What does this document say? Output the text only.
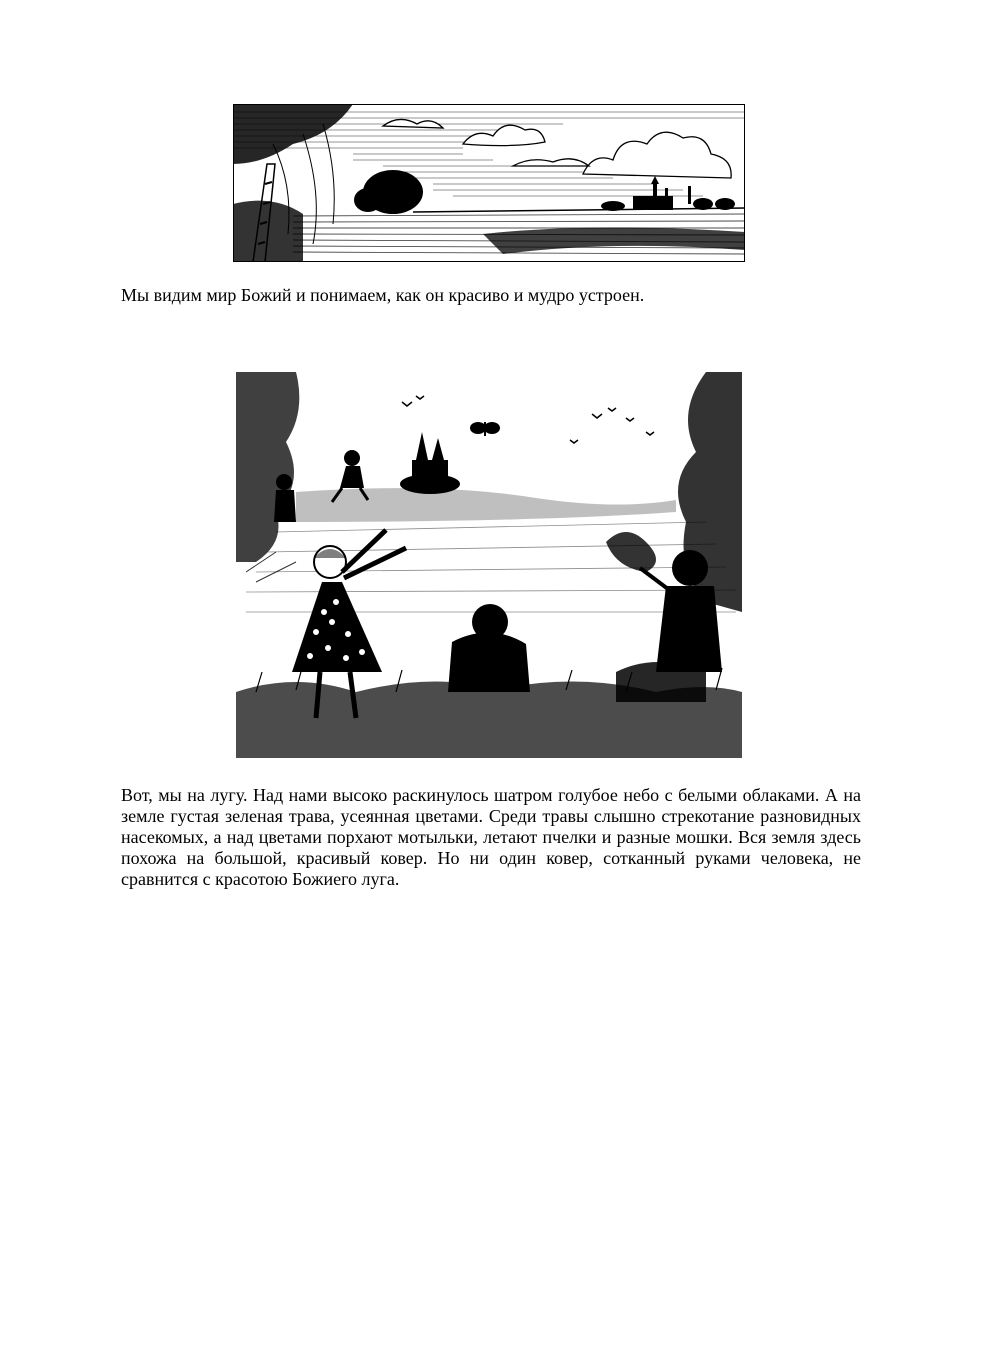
Мы видим мир Божий и понимаем, как он красиво и мудро устроен.

Вот, мы на лугу. Над нами высоко раскинулось шатром голубое небо с белыми облаками. А на земле густая зеленая трава, усеянная цветами. Среди травы слышно стрекотание разновидных насекомых, а над цветами порхают мотыльки, летают пчелки и разные мошки. Вся земля здесь похожа на большой, красивый ковер. Но ни один ковер, сотканный руками человека, не сравнится с красотою Божиего луга.
